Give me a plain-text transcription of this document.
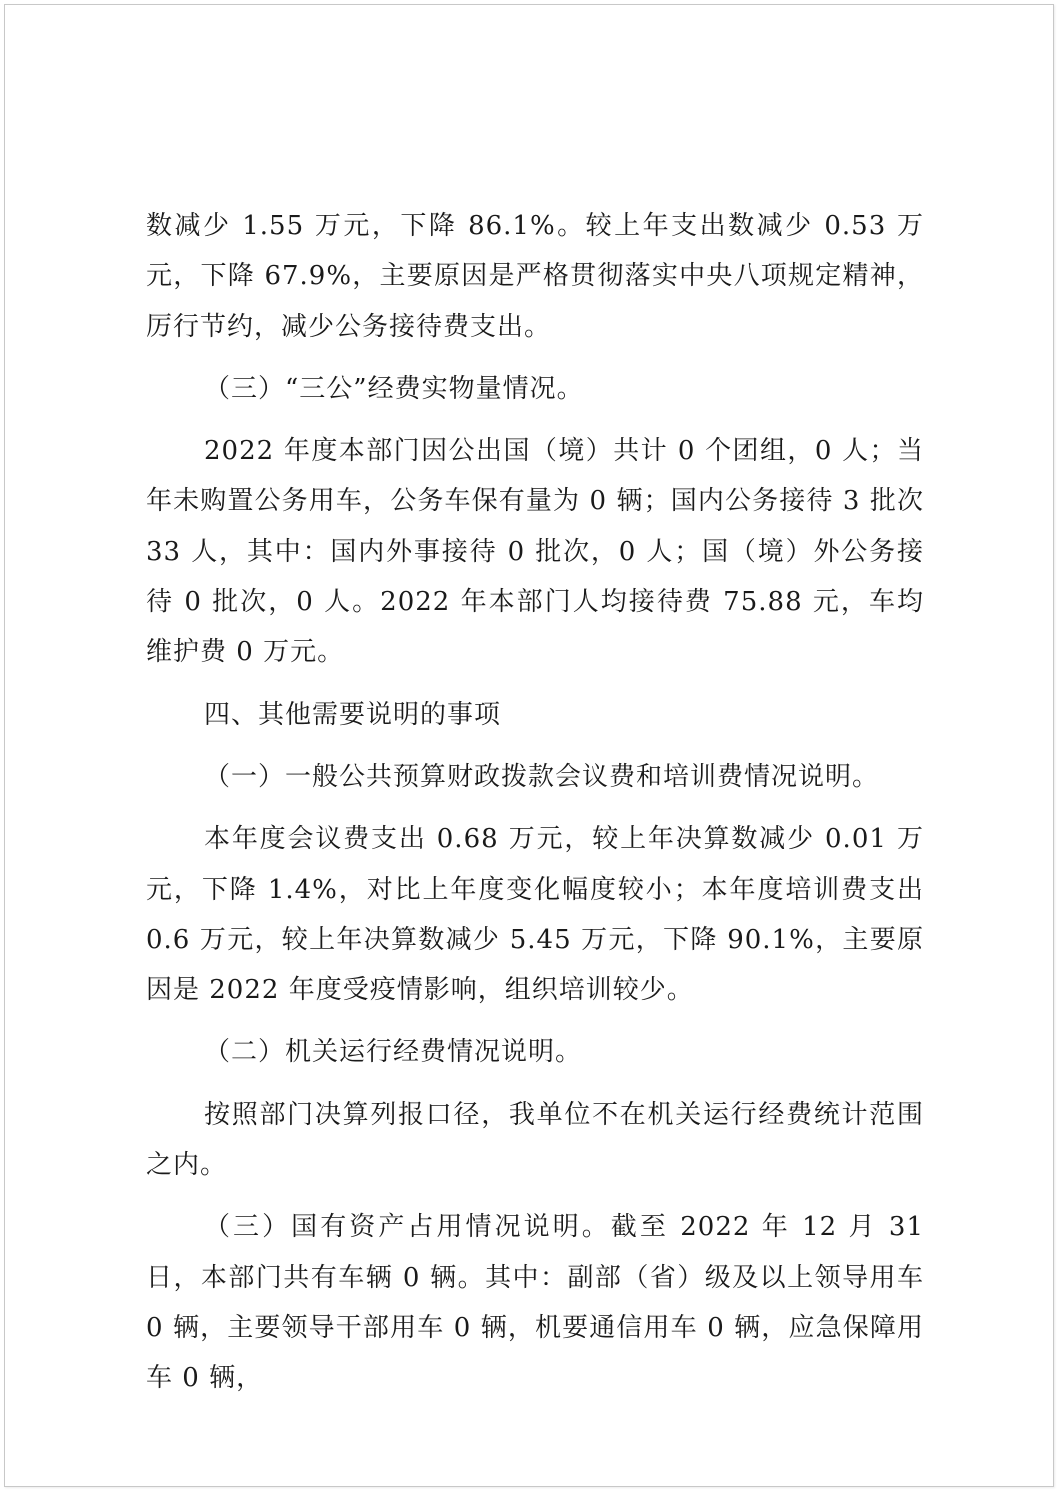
数减少 1.55 万元，下降 86.1%。较上年支出数减少 0.53 万元，下降 67.9%，主要原因是严格贯彻落实中央八项规定精神，厉行节约，减少公务接待费支出。

（三）“三公”经费实物量情况。

2022 年度本部门因公出国（境）共计 0 个团组，0 人；当年未购置公务用车，公务车保有量为 0 辆；国内公务接待 3 批次 33 人，其中：国内外事接待 0 批次，0 人；国（境）外公务接待 0 批次，0 人。2022 年本部门人均接待费 75.88 元，车均维护费 0 万元。

四、其他需要说明的事项

（一）一般公共预算财政拨款会议费和培训费情况说明。

本年度会议费支出 0.68 万元，较上年决算数减少 0.01 万元，下降 1.4%，对比上年度变化幅度较小；本年度培训费支出 0.6 万元，较上年决算数减少 5.45 万元，下降 90.1%，主要原因是 2022 年度受疫情影响，组织培训较少。

（二）机关运行经费情况说明。

按照部门决算列报口径，我单位不在机关运行经费统计范围之内。

（三）国有资产占用情况说明。截至 2022 年 12 月 31 日，本部门共有车辆 0 辆。其中：副部（省）级及以上领导用车 0 辆，主要领导干部用车 0 辆，机要通信用车 0 辆，应急保障用车 0 辆，
